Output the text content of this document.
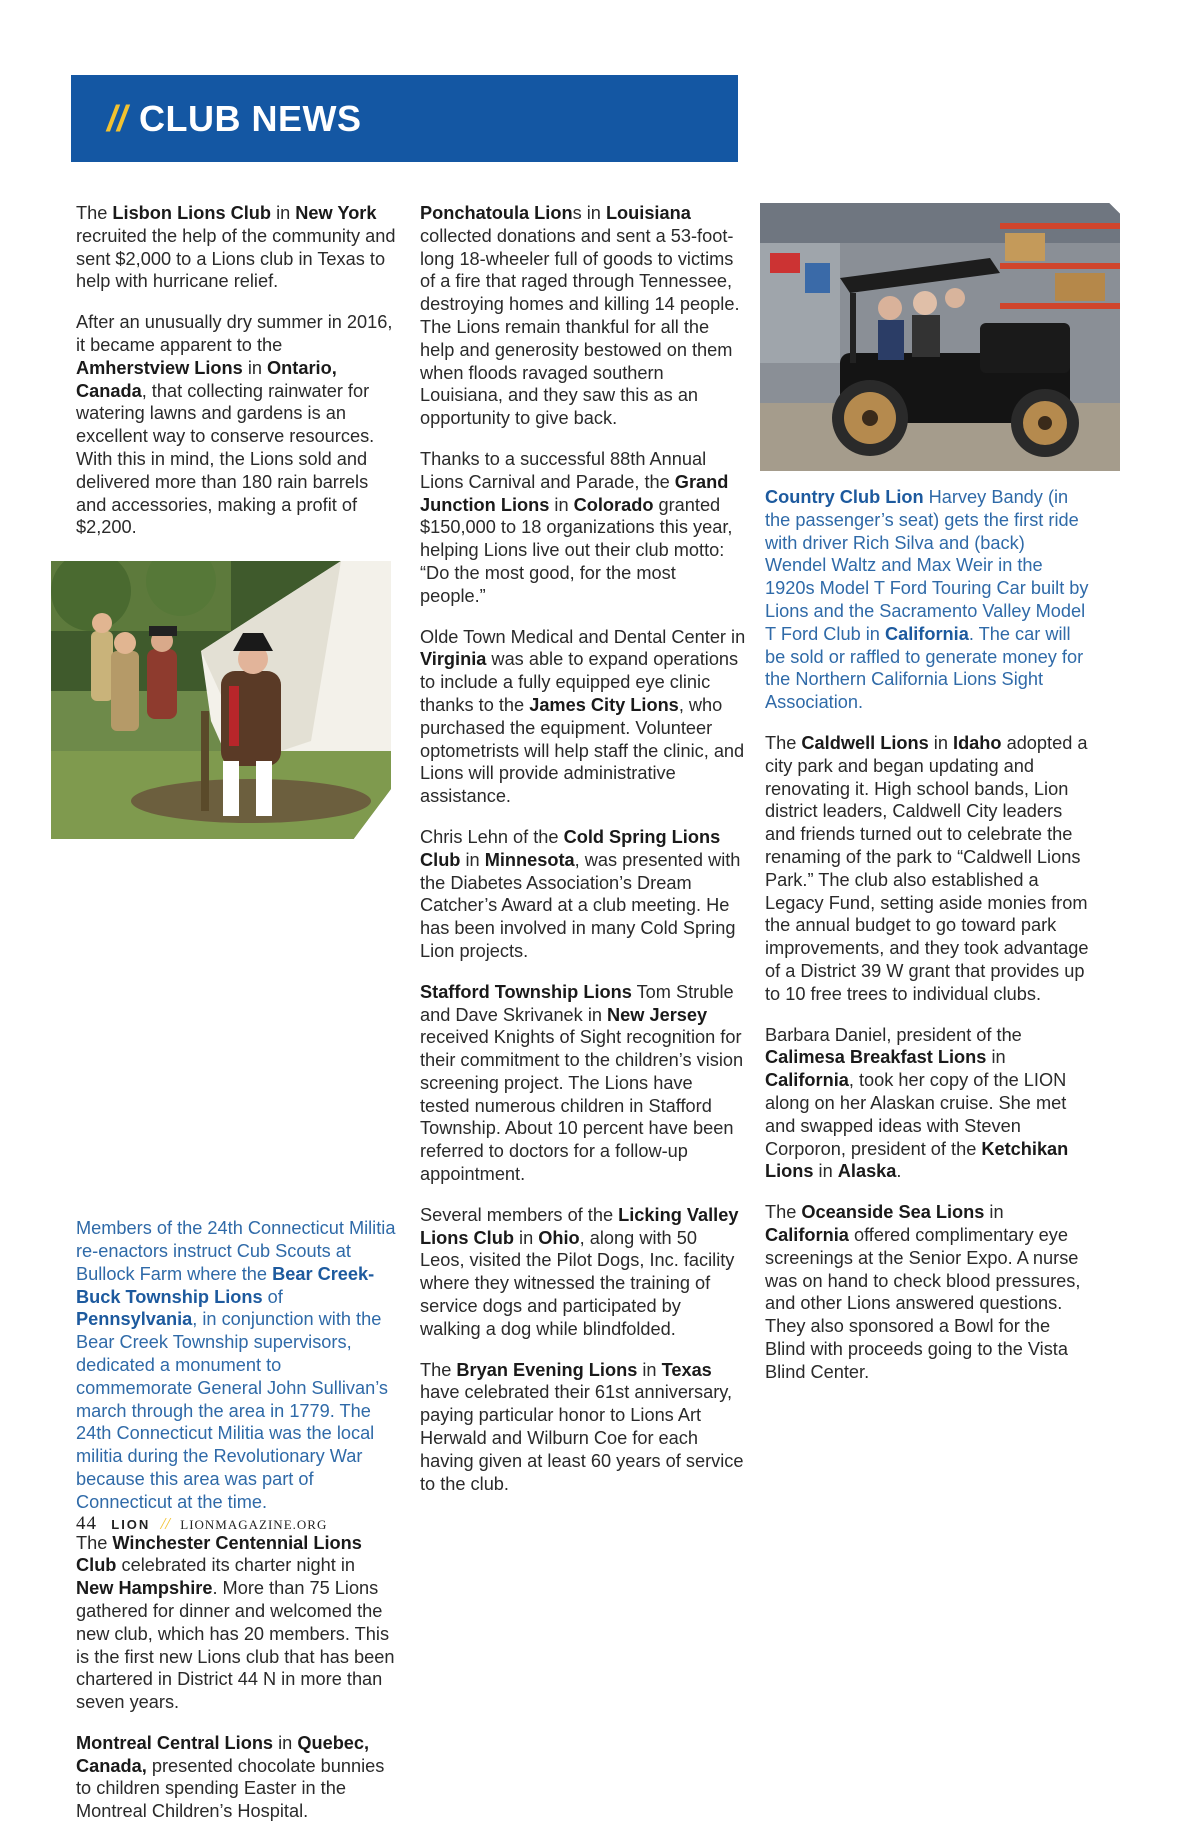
// CLUB NEWS

The Lisbon Lions Club in New York recruited the help of the community and sent $2,000 to a Lions club in Texas to help with hurricane relief.

After an unusually dry summer in 2016, it became apparent to the Amherstview Lions in Ontario, Canada, that collecting rainwater for watering lawns and gardens is an excellent way to conserve resources. With this in mind, the Lions sold and delivered more than 180 rain barrels and accessories, making a profit of $2,200.

Members of the 24th Connecticut Militia re-enactors instruct Cub Scouts at Bullock Farm where the Bear Creek-Buck Township Lions of Pennsylvania, in conjunction with the Bear Creek Township supervisors, dedicated a monument to commemorate General John Sullivan’s march through the area in 1779. The 24th Connecticut Militia was the local militia during the Revolutionary War because this area was part of Connecticut at the time.

The Winchester Centennial Lions Club celebrated its charter night in New Hampshire. More than 75 Lions gathered for dinner and welcomed the new club, which has 20 members. This is the first new Lions club that has been chartered in District 44 N in more than seven years.

Montreal Central Lions in Quebec, Canada, presented chocolate bunnies to children spending Easter in the Montreal Children’s Hospital.

Ponchatoula Lions in Louisiana collected donations and sent a 53-foot-long 18-wheeler full of goods to victims of a fire that raged through Tennessee, destroying homes and killing 14 people. The Lions remain thankful for all the help and generosity bestowed on them when floods ravaged southern Louisiana, and they saw this as an opportunity to give back.

Thanks to a successful 88th Annual Lions Carnival and Parade, the Grand Junction Lions in Colorado granted $150,000 to 18 organizations this year, helping Lions live out their club motto: “Do the most good, for the most people.”

Olde Town Medical and Dental Center in Virginia was able to expand operations to include a fully equipped eye clinic thanks to the James City Lions, who purchased the equipment. Volunteer optometrists will help staff the clinic, and Lions will provide administrative assistance.

Chris Lehn of the Cold Spring Lions Club in Minnesota, was presented with the Diabetes Association’s Dream Catcher’s Award at a club meeting. He has been involved in many Cold Spring Lion projects.

Stafford Township Lions Tom Struble and Dave Skrivanek in New Jersey received Knights of Sight recognition for their commitment to the children’s vision screening project. The Lions have tested numerous children in Stafford Township. About 10 percent have been referred to doctors for a follow-up appointment.

Several members of the Licking Valley Lions Club in Ohio, along with 50 Leos, visited the Pilot Dogs, Inc. facility where they witnessed the training of service dogs and participated by walking a dog while blindfolded.

The Bryan Evening Lions in Texas have celebrated their 61st anniversary, paying particular honor to Lions Art Herwald and Wilburn Coe for each having given at least 60 years of service to the club.

Country Club Lion Harvey Bandy (in the passenger’s seat) gets the first ride with driver Rich Silva and (back) Wendel Waltz and Max Weir in the 1920s Model T Ford Touring Car built by Lions and the Sacramento Valley Model T Ford Club in California. The car will be sold or raffled to generate money for the Northern California Lions Sight Association.

The Caldwell Lions in Idaho adopted a city park and began updating and renovating it. High school bands, Lion district leaders, Caldwell City leaders and friends turned out to celebrate the renaming of the park to “Caldwell Lions Park.” The club also established a Legacy Fund, setting aside monies from the annual budget to go toward park improvements, and they took advantage of a District 39 W grant that provides up to 10 free trees to individual clubs.

Barbara Daniel, president of the Calimesa Breakfast Lions in California, took her copy of the LION along on her Alaskan cruise. She met and swapped ideas with Steven Corporon, president of the Ketchikan Lions in Alaska.

The Oceanside Sea Lions in California offered complimentary eye screenings at the Senior Expo. A nurse was on hand to check blood pressures, and other Lions answered questions. They also sponsored a Bowl for the Blind with proceeds going to the Vista Blind Center.

44 LION // LIONMAGAZINE.ORG
